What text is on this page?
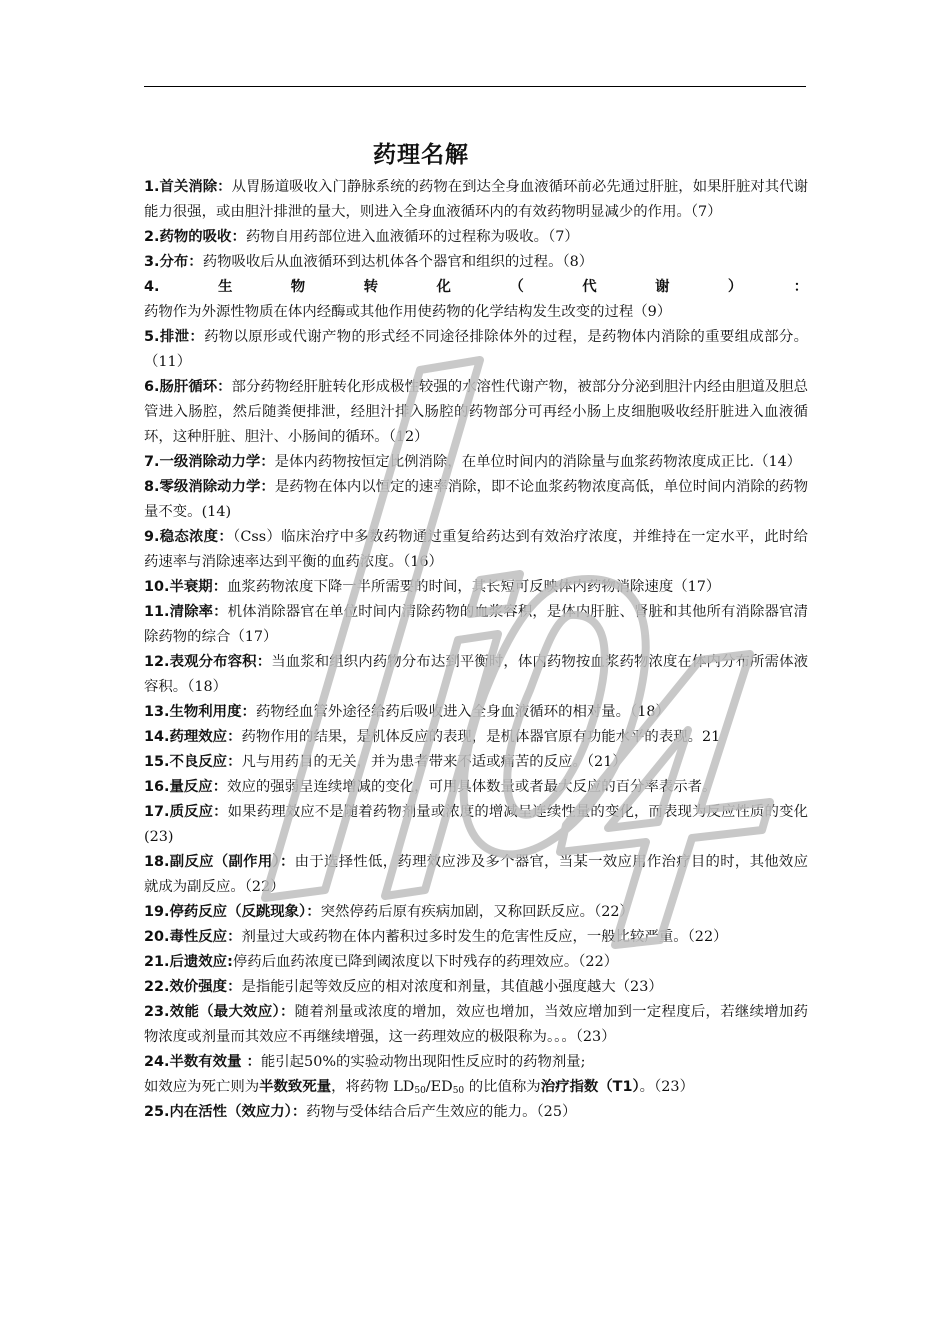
药理名解

1.首关消除：从胃肠道吸收入门静脉系统的药物在到达全身血液循环前必先通过肝脏，如果肝脏对其代谢能力很强，或由胆汁排泄的量大，则进入全身血液循环内的有效药物明显减少的作用。（7）

2.药物的吸收：药物自用药部位进入血液循环的过程称为吸收。（7）

3.分布：药物吸收后从血液循环到达机体各个器官和组织的过程。（8）

4.生物转化（代谢）：药物作为外源性物质在体内经酶或其他作用使药物的化学结构发生改变的过程（9）

5.排泄：药物以原形或代谢产物的形式经不同途径排除体外的过程，是药物体内消除的重要组成部分。（11）

6.肠肝循环：部分药物经肝脏转化形成极性较强的水溶性代谢产物，被部分分泌到胆汁内经由胆道及胆总管进入肠腔，然后随粪便排泄，经胆汁排入肠腔的药物部分可再经小肠上皮细胞吸收经肝脏进入血液循环，这种肝脏、胆汁、小肠间的循环。（12）

7.一级消除动力学：是体内药物按恒定比例消除，在单位时间内的消除量与血浆药物浓度成正比.（14）

8.零级消除动力学：是药物在体内以恒定的速率消除，即不论血浆药物浓度高低，单位时间内消除的药物量不变。(14)

9.稳态浓度：（Css）临床治疗中多数药物通过重复给药达到有效治疗浓度，并维持在一定水平，此时给药速率与消除速率达到平衡的血药浓度。（16）

10.半衰期：血浆药物浓度下降一半所需要的时间，其长短可反映体内药物消除速度（17）

11.清除率：机体消除器官在单位时间内清除药物的血浆容积，是体内肝脏、肾脏和其他所有消除器官清除药物的综合（17）

12.表观分布容积：当血浆和组织内药物分布达到平衡时，体内药物按血浆药物浓度在体内分布所需体液容积。（18）

13.生物利用度：药物经血管外途径给药后吸收进入全身血液循环的相对量。（18）

14.药理效应：药物作用的结果，是机体反应的表现，是机体器官原有功能水平的表现。21

15.不良反应：凡与用药目的无关，并为患者带来不适或痛苦的反应。（21）

16.量反应：效应的强弱呈连续增减的变化，可用具体数量或者最大反应的百分率表示者。

17.质反应：如果药理效应不是随着药物剂量或浓度的增减呈连续性量的变化，而表现为反应性质的变化(23)

18.副反应（副作用）：由于选择性低，药理效应涉及多个器官，当某一效应用作治疗目的时，其他效应就成为副反应。（22）

19.停药反应（反跳现象）：突然停药后原有疾病加剧，又称回跃反应。（22）

20.毒性反应：剂量过大或药物在体内蓄积过多时发生的危害性反应，一般比较严重。（22）

21.后遗效应:停药后血药浓度已降到阈浓度以下时残存的药理效应。（22）

22.效价强度：是指能引起等效反应的相对浓度和剂量，其值越小强度越大（23）

23.效能（最大效应）：随着剂量或浓度的增加，效应也增加，当效应增加到一定程度后，若继续增加药物浓度或剂量而其效应不再继续增强，这一药理效应的极限称为。。。（23）

24.半数有效量 ：能引起50%的实验动物出现阳性反应时的药物剂量;
如效应为死亡则为半数致死量，将药物 $LD_{50}/ED_{50}$ 的比值称为治疗指数（T1）。（23）

25.内在活性（效应力）：药物与受体结合后产生效应的能力。（25）
